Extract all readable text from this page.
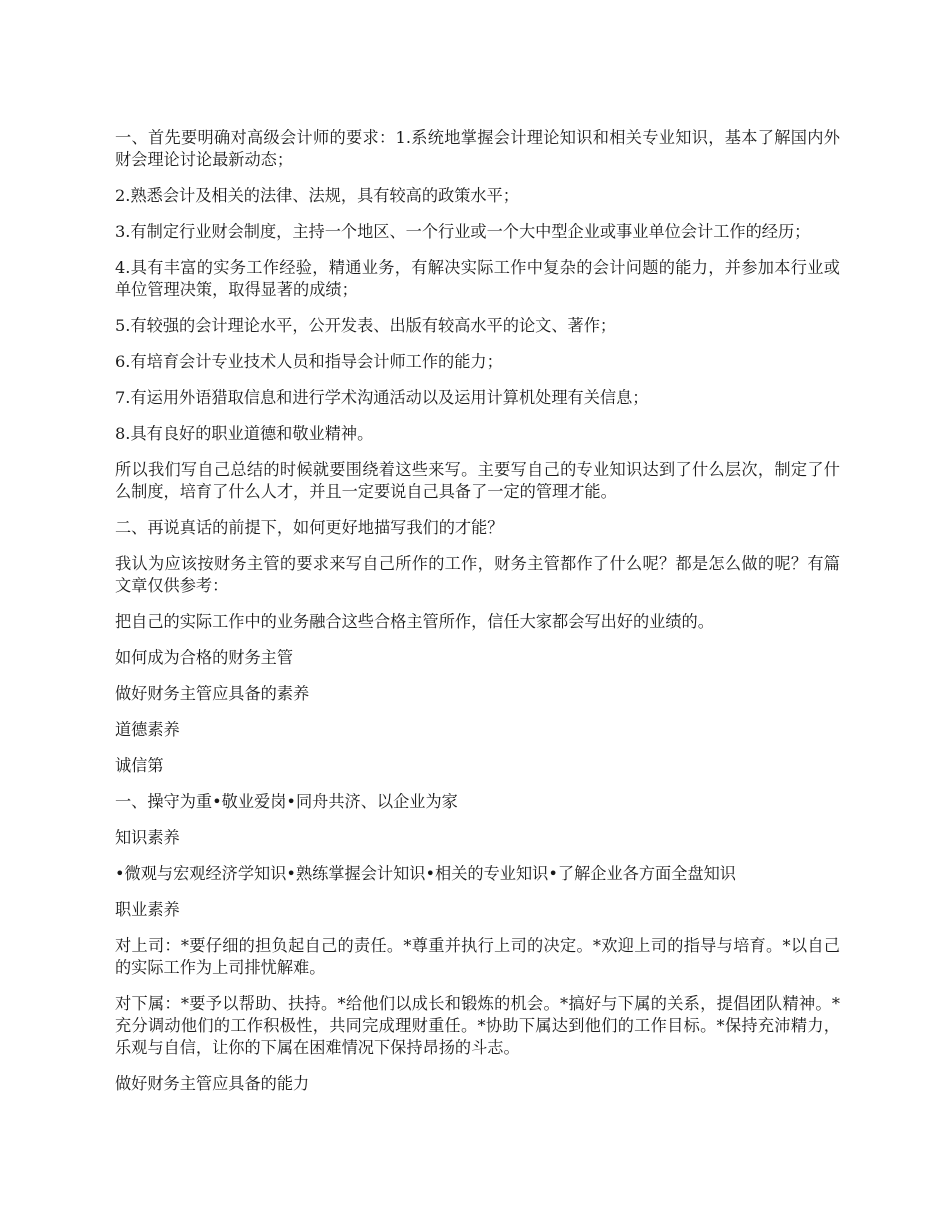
一、首先要明确对高级会计师的要求：1.系统地掌握会计理论知识和相关专业知识，基本了解国内外财会理论讨论最新动态；

2.熟悉会计及相关的法律、法规，具有较高的政策水平；

3.有制定行业财会制度，主持一个地区、一个行业或一个大中型企业或事业单位会计工作的经历；

4.具有丰富的实务工作经验，精通业务，有解决实际工作中复杂的会计问题的能力，并参加本行业或单位管理决策，取得显著的成绩；

5.有较强的会计理论水平，公开发表、出版有较高水平的论文、著作；

6.有培育会计专业技术人员和指导会计师工作的能力；

7.有运用外语猎取信息和进行学术沟通活动以及运用计算机处理有关信息；

8.具有良好的职业道德和敬业精神。

所以我们写自己总结的时候就要围绕着这些来写。主要写自己的专业知识达到了什么层次，制定了什么制度，培育了什么人才，并且一定要说自己具备了一定的管理才能。

二、再说真话的前提下，如何更好地描写我们的才能？

我认为应该按财务主管的要求来写自己所作的工作，财务主管都作了什么呢？都是怎么做的呢？有篇文章仅供参考：

把自己的实际工作中的业务融合这些合格主管所作，信任大家都会写出好的业绩的。

如何成为合格的财务主管

做好财务主管应具备的素养

道德素养

诚信第

一、操守为重•敬业爱岗•同舟共济、以企业为家

知识素养

•微观与宏观经济学知识•熟练掌握会计知识•相关的专业知识•了解企业各方面全盘知识

职业素养

对上司：*要仔细的担负起自己的责任。*尊重并执行上司的决定。*欢迎上司的指导与培育。*以自己的实际工作为上司排忧解难。

对下属：*要予以帮助、扶持。*给他们以成长和锻炼的机会。*搞好与下属的关系，提倡团队精神。*充分调动他们的工作积极性，共同完成理财重任。*协助下属达到他们的工作目标。*保持充沛精力，乐观与自信，让你的下属在困难情况下保持昂扬的斗志。

做好财务主管应具备的能力
